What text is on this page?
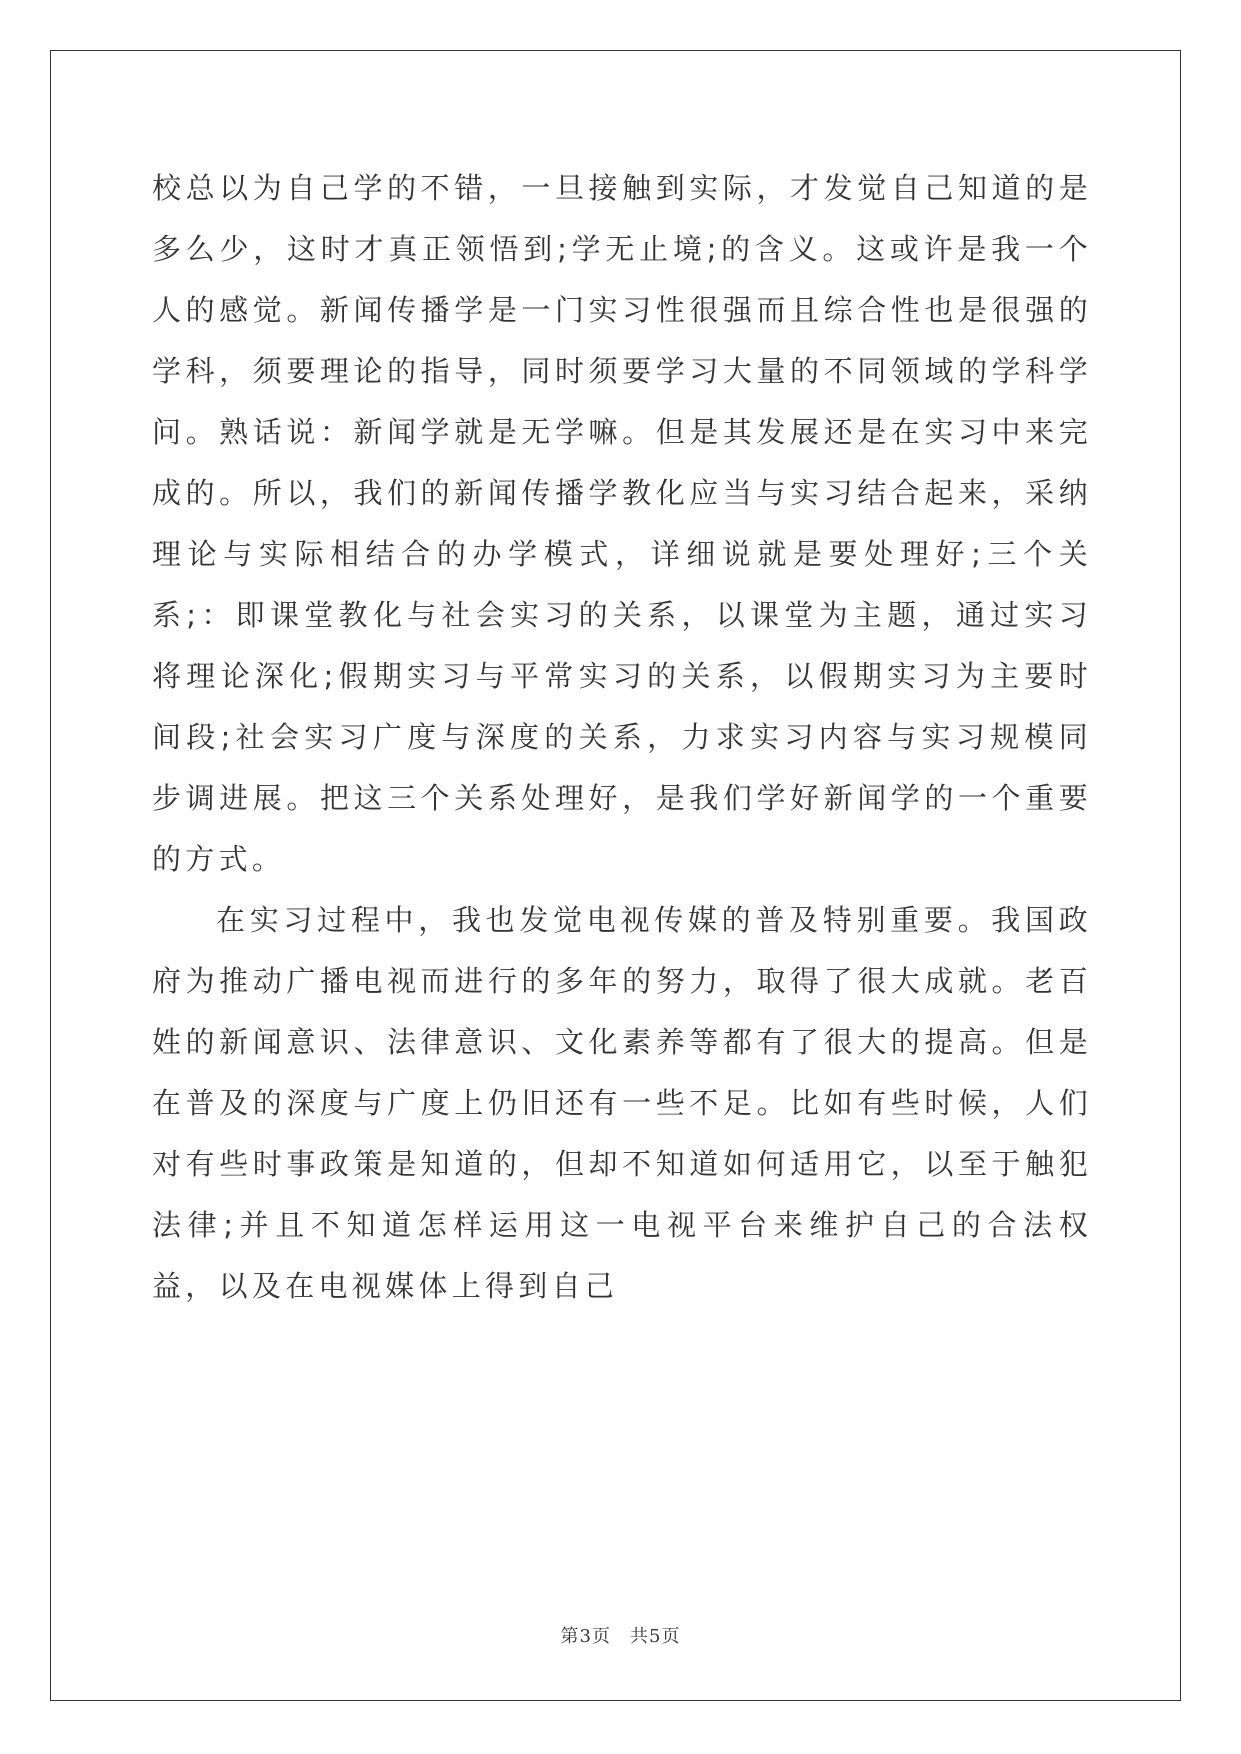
校总以为自己学的不错，一旦接触到实际，才发觉自己知道的是多么少，这时才真正领悟到;学无止境;的含义。这或许是我一个人的感觉。新闻传播学是一门实习性很强而且综合性也是很强的学科，须要理论的指导，同时须要学习大量的不同领域的学科学问。熟话说：新闻学就是无学嘛。但是其发展还是在实习中来完成的。所以，我们的新闻传播学教化应当与实习结合起来，采纳理论与实际相结合的办学模式，详细说就是要处理好;三个关系;：即课堂教化与社会实习的关系，以课堂为主题，通过实习将理论深化;假期实习与平常实习的关系，以假期实习为主要时间段;社会实习广度与深度的关系，力求实习内容与实习规模同步调进展。把这三个关系处理好，是我们学好新闻学的一个重要的方式。

在实习过程中，我也发觉电视传媒的普及特别重要。我国政府为推动广播电视而进行的多年的努力，取得了很大成就。老百姓的新闻意识、法律意识、文化素养等都有了很大的提高。但是在普及的深度与广度上仍旧还有一些不足。比如有些时候，人们对有些时事政策是知道的，但却不知道如何适用它，以至于触犯法律;并且不知道怎样运用这一电视平台来维护自己的合法权益，以及在电视媒体上得到自己

第3页　共5页
